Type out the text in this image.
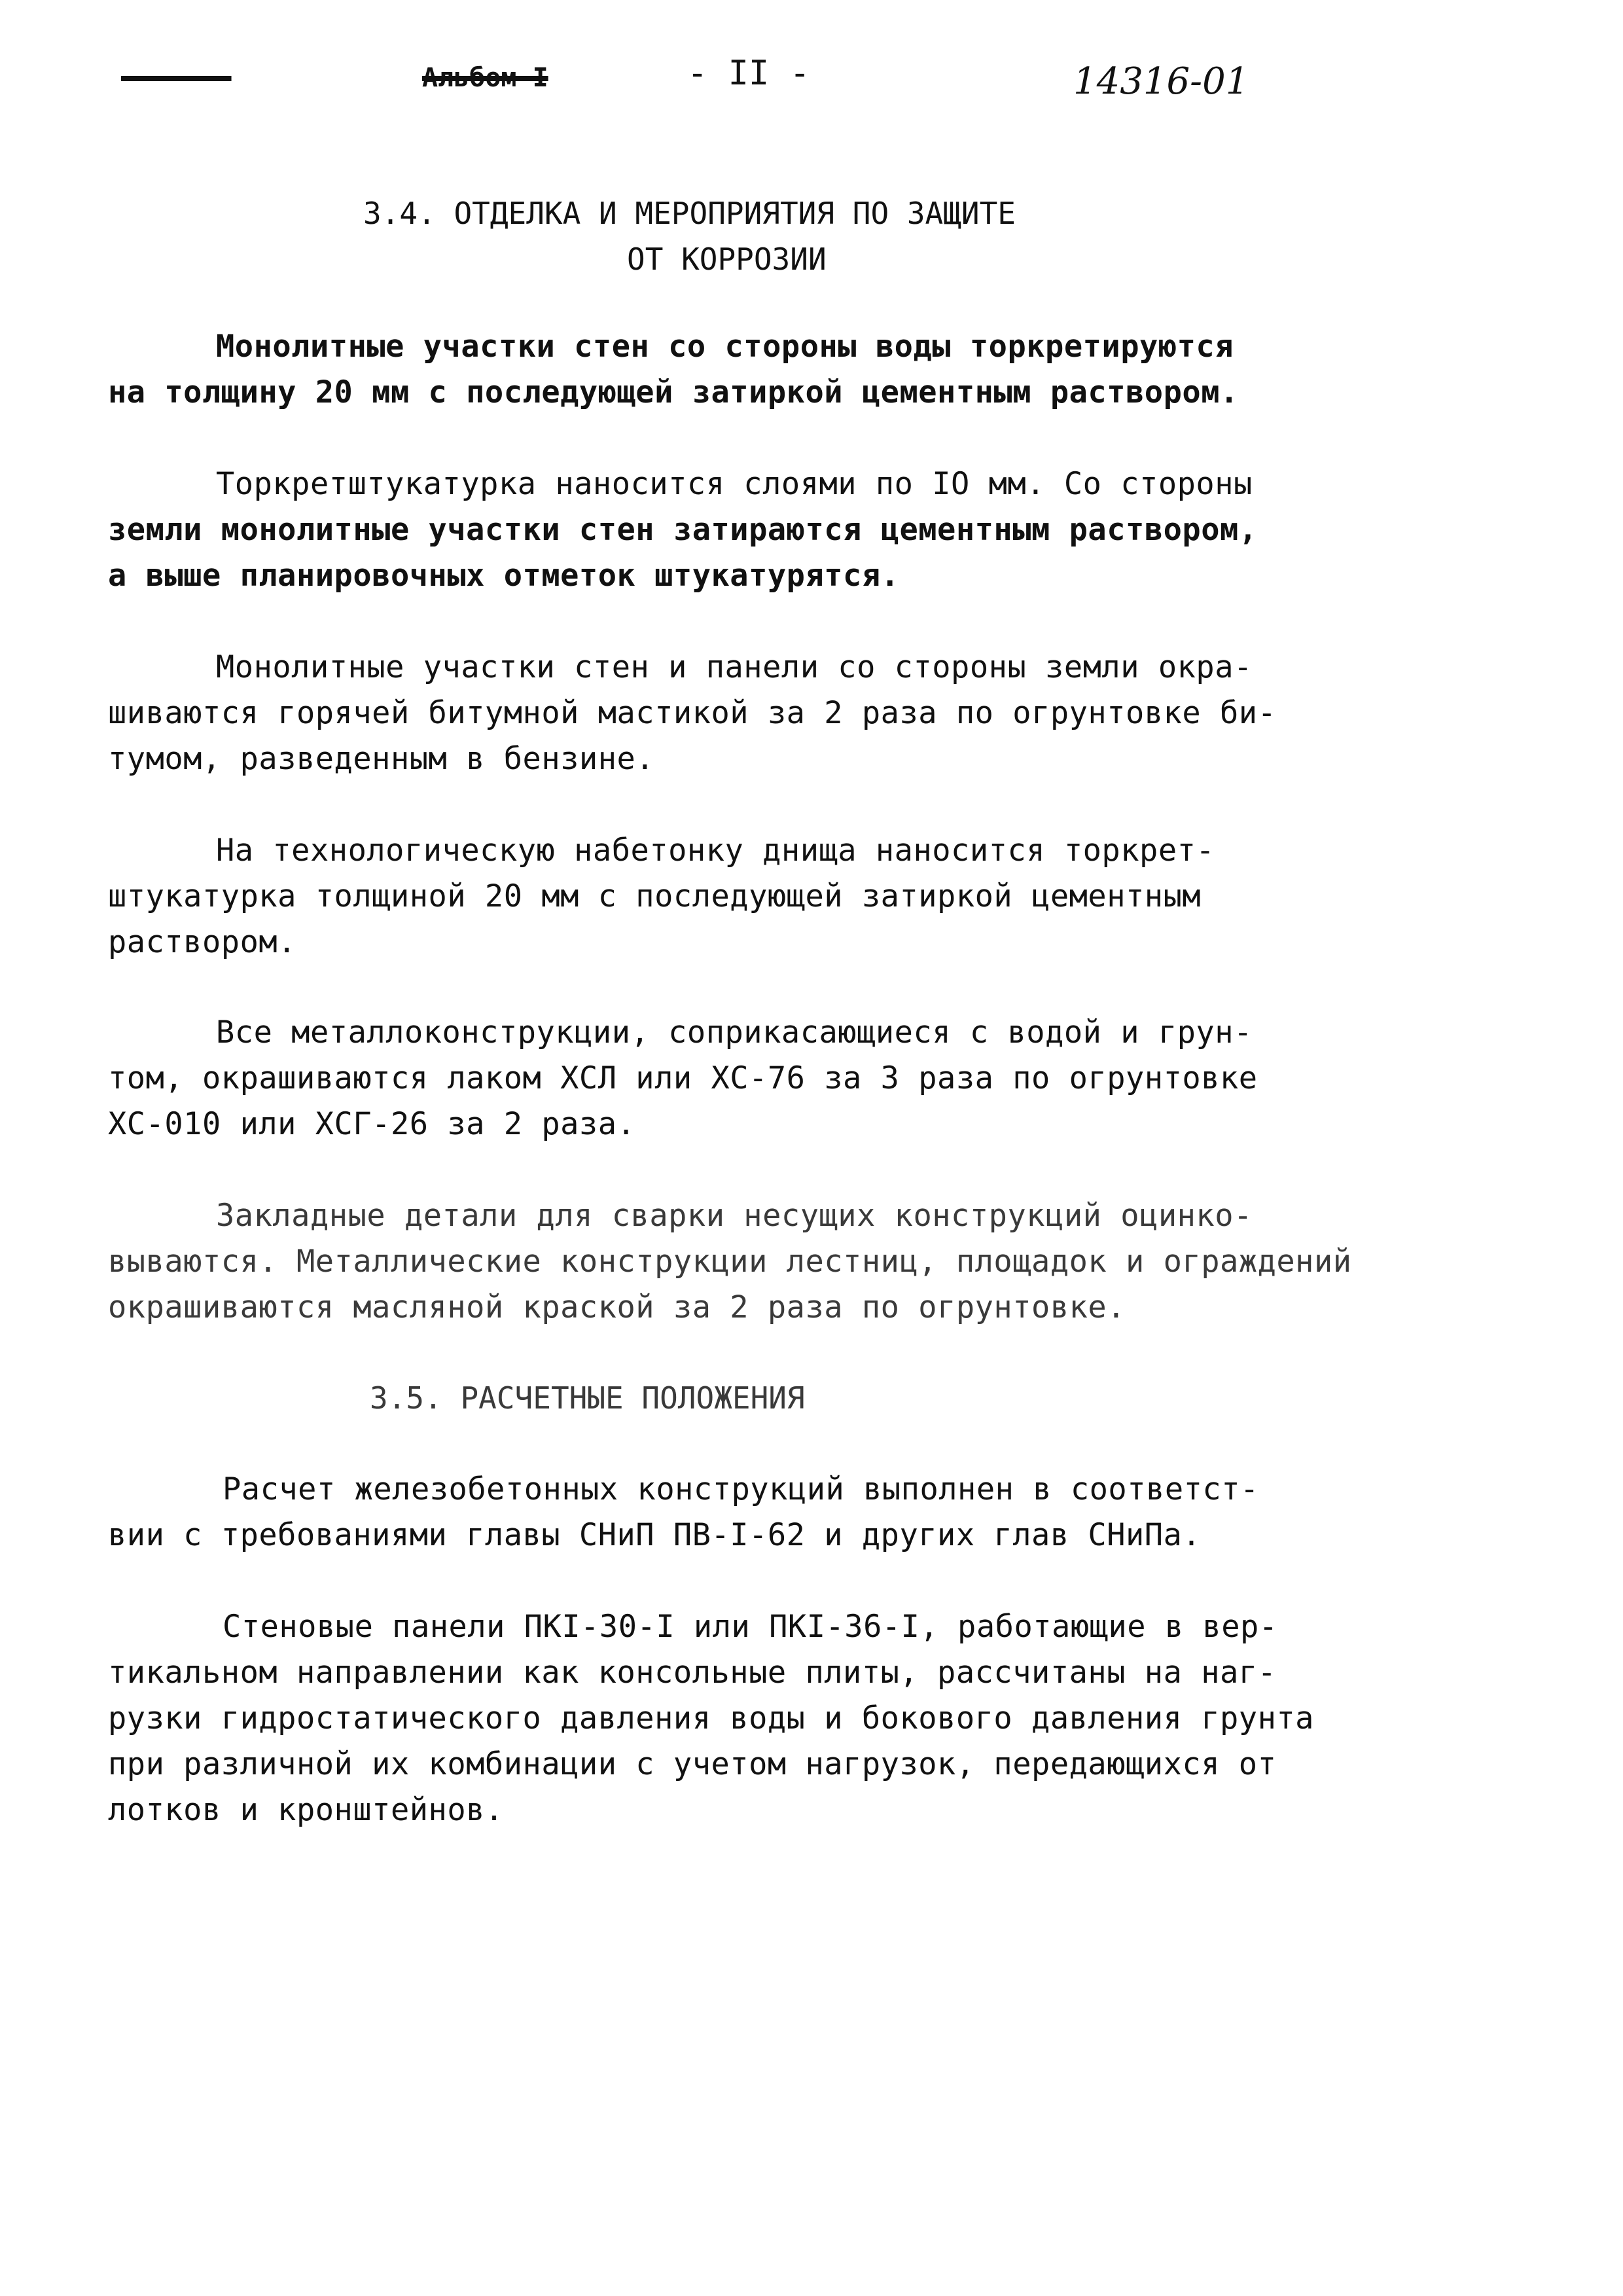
--- ---	Альбом I	- II -	14316-01
3.4. ОТДЕЛКА И МЕРОПРИЯТИЯ ПО ЗАЩИТЕ
ОТ КОРРОЗИИ
Монолитные участки стен со стороны воды торкретируются
на толщину 20 мм с последующей затиркой цементным раствором.
Торкретштукатурка наносится слоями по IO мм. Со стороны
земли монолитные участки стен затираются цементным раствором,
а выше планировочных отметок штукатурятся.
Монолитные участки стен и панели со стороны земли окра-
шиваются горячей битумной мастикой за 2 раза по огрунтовке би-
тумом, разведенным в бензине.
На технологическую набетонку днища наносится торкрет-
штукатурка толщиной 20 мм с последующей затиркой цементным
раствором.
Все металлоконструкции, соприкасающиеся с водой и грун-
том, окрашиваются лаком ХСЛ или ХС-76 за 3 раза по огрунтовке
ХС-010 или ХСГ-26 за 2 раза.
Закладные детали для сварки несущих конструкций оцинко-
вываются. Металлические конструкции лестниц, площадок и ограждений
окрашиваются масляной краской за 2 раза по огрунтовке.
3.5. РАСЧЕТНЫЕ ПОЛОЖЕНИЯ
Расчет железобетонных конструкций выполнен в соответст-
вии с требованиями главы СНиП ПВ-I-62 и других глав СНиПа.
Стеновые панели ПКI-30-I или ПКI-36-I, работающие в вер-
тикальном направлении как консольные плиты, рассчитаны на наг-
рузки гидростатического давления воды и бокового давления грунта
при различной их комбинации с учетом нагрузок, передающихся от
лотков и кронштейнов.
